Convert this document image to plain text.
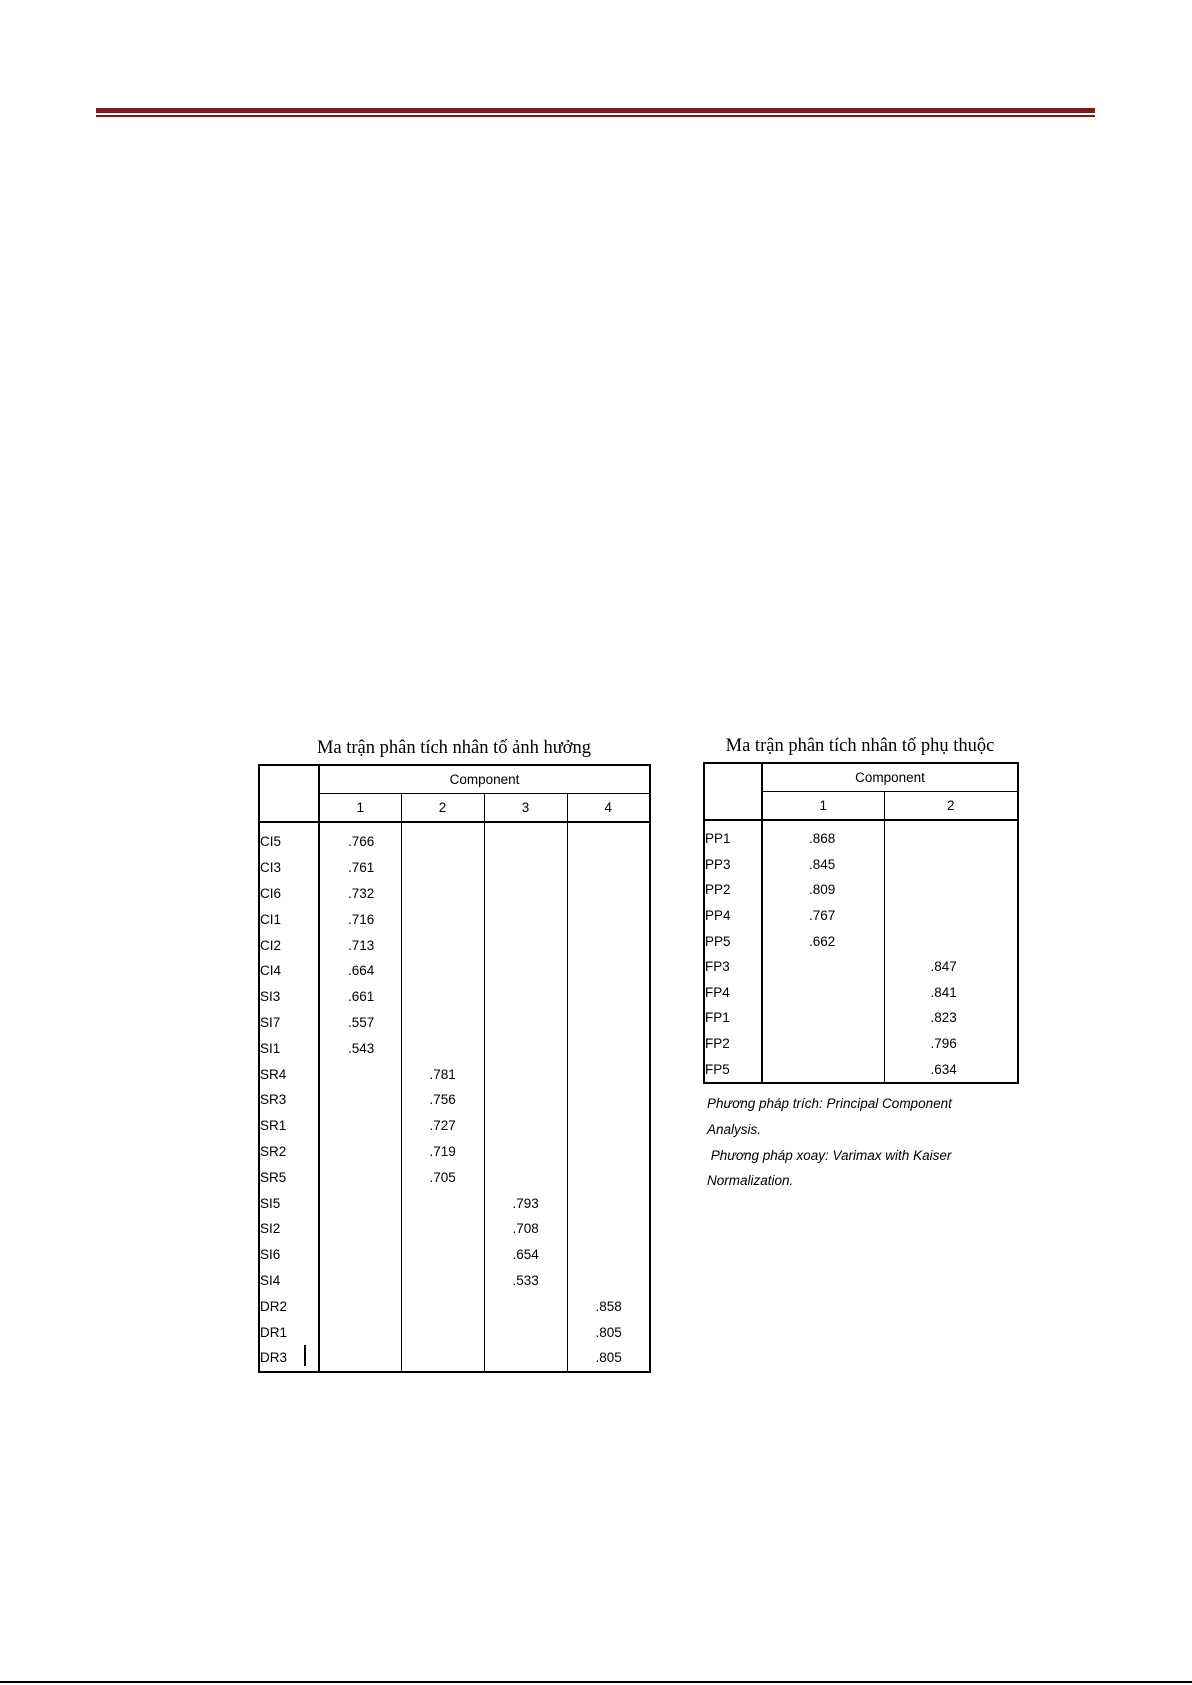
Ma trận phân tích nhân tố ảnh hưởng
	Component			
	1	2	3	4
CI5	.766			
CI3	.761			
CI6	.732			
CI1	.716			
CI2	.713			
CI4	.664			
SI3	.661			
SI7	.557			
SI1	.543			
SR4		.781		
SR3		.756		
SR1		.727		
SR2		.719		
SR5		.705		
SI5			.793	
SI2			.708	
SI6			.654	
SI4			.533	
DR2				.858
DR1				.805
DR3				.805
Ma trận phân tích nhân tố phụ thuộc
	Component	
	1	2
PP1	.868	
PP3	.845	
PP2	.809	
PP4	.767	
PP5	.662	
FP3		.847
FP4		.841
FP1		.823
FP2		.796
FP5		.634
Phương pháp trích: Principal Component
Analysis.
Phương pháp xoay: Varimax with Kaiser
Normalization.
